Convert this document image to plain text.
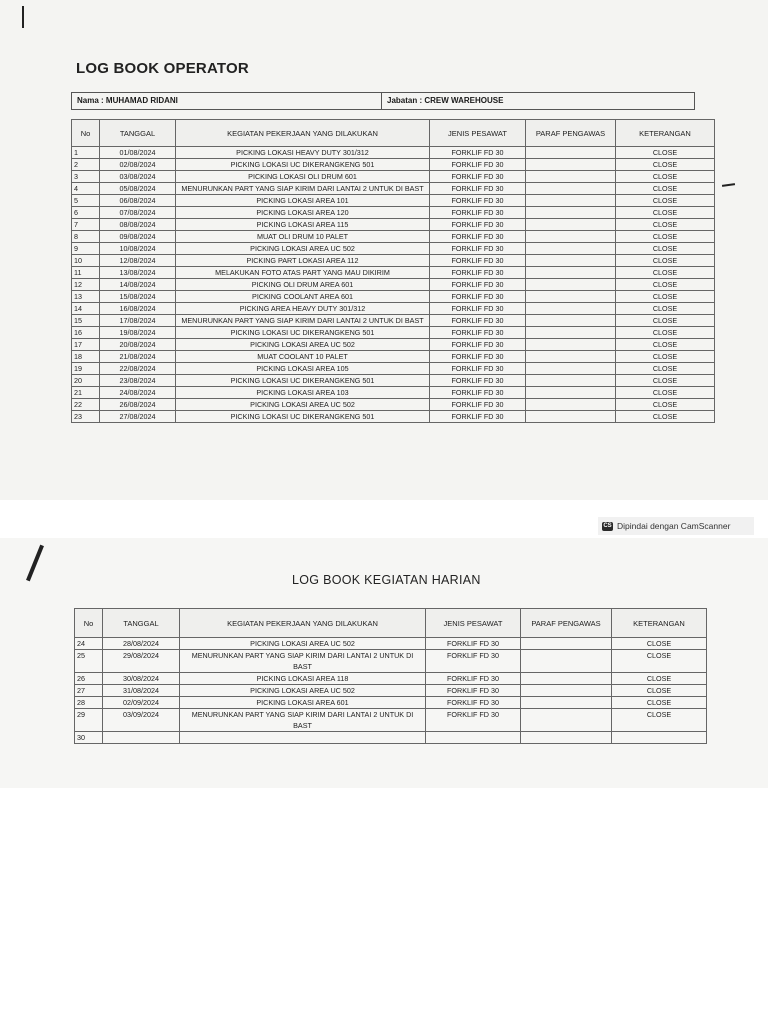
LOG BOOK OPERATOR
Nama : MUHAMAD RIDANI	Jabatan : CREW WAREHOUSE
No	TANGGAL	KEGIATAN PEKERJAAN YANG DILAKUKAN	JENIS PESAWAT	PARAF PENGAWAS	KETERANGAN
1	01/08/2024	PICKING LOKASI HEAVY DUTY 301/312	FORKLIF FD 30		CLOSE
2	02/08/2024	PICKING LOKASI UC DIKERANGKENG 501	FORKLIF FD 30		CLOSE
3	03/08/2024	PICKING LOKASI OLI DRUM 601	FORKLIF FD 30		CLOSE
4	05/08/2024	MENURUNKAN PART YANG SIAP KIRIM DARI LANTAI 2 UNTUK DI BAST	FORKLIF FD 30		CLOSE
5	06/08/2024	PICKING LOKASI AREA 101	FORKLIF FD 30		CLOSE
6	07/08/2024	PICKING LOKASI AREA 120	FORKLIF FD 30		CLOSE
7	08/08/2024	PICKING LOKASI AREA 115	FORKLIF FD 30		CLOSE
8	09/08/2024	MUAT OLI DRUM 10 PALET	FORKLIF FD 30		CLOSE
9	10/08/2024	PICKING LOKASI AREA UC 502	FORKLIF FD 30		CLOSE
10	12/08/2024	PICKING PART LOKASI AREA 112	FORKLIF FD 30		CLOSE
11	13/08/2024	MELAKUKAN FOTO ATAS PART YANG MAU DIKIRIM	FORKLIF FD 30		CLOSE
12	14/08/2024	PICKING OLI DRUM AREA 601	FORKLIF FD 30		CLOSE
13	15/08/2024	PICKING COOLANT AREA 601	FORKLIF FD 30		CLOSE
14	16/08/2024	PICKING AREA HEAVY DUTY 301/312	FORKLIF FD 30		CLOSE
15	17/08/2024	MENURUNKAN PART YANG SIAP KIRIM DARI LANTAI 2 UNTUK DI BAST	FORKLIF FD 30		CLOSE
16	19/08/2024	PICKING LOKASI UC DIKERANGKENG 501	FORKLIF FD 30		CLOSE
17	20/08/2024	PICKING LOKASI AREA UC 502	FORKLIF FD 30		CLOSE
18	21/08/2024	MUAT COOLANT 10 PALET	FORKLIF FD 30		CLOSE
19	22/08/2024	PICKING LOKASI AREA 105	FORKLIF FD 30		CLOSE
20	23/08/2024	PICKING LOKASI UC DIKERANGKENG 501	FORKLIF FD 30		CLOSE
21	24/08/2024	PICKING LOKASI AREA 103	FORKLIF FD 30		CLOSE
22	26/08/2024	PICKING LOKASI AREA UC 502	FORKLIF FD 30		CLOSE
23	27/08/2024	PICKING LOKASI UC DIKERANGKENG 501	FORKLIF FD 30		CLOSE
CS Dipindai dengan CamScanner
LOG BOOK KEGIATAN HARIAN
No	TANGGAL	KEGIATAN PEKERJAAN YANG DILAKUKAN	JENIS PESAWAT	PARAF PENGAWAS	KETERANGAN
24	28/08/2024	PICKING LOKASI AREA UC 502	FORKLIF FD 30		CLOSE
25	29/08/2024	MENURUNKAN PART YANG SIAP KIRIM DARI LANTAI 2 UNTUK DI BAST	FORKLIF FD 30		CLOSE
26	30/08/2024	PICKING LOKASI AREA 118	FORKLIF FD 30		CLOSE
27	31/08/2024	PICKING LOKASI AREA UC 502	FORKLIF FD 30		CLOSE
28	02/09/2024	PICKING LOKASI AREA 601	FORKLIF FD 30		CLOSE
29	03/09/2024	MENURUNKAN PART YANG SIAP KIRIM DARI LANTAI 2 UNTUK DI BAST	FORKLIF FD 30		CLOSE
30					
